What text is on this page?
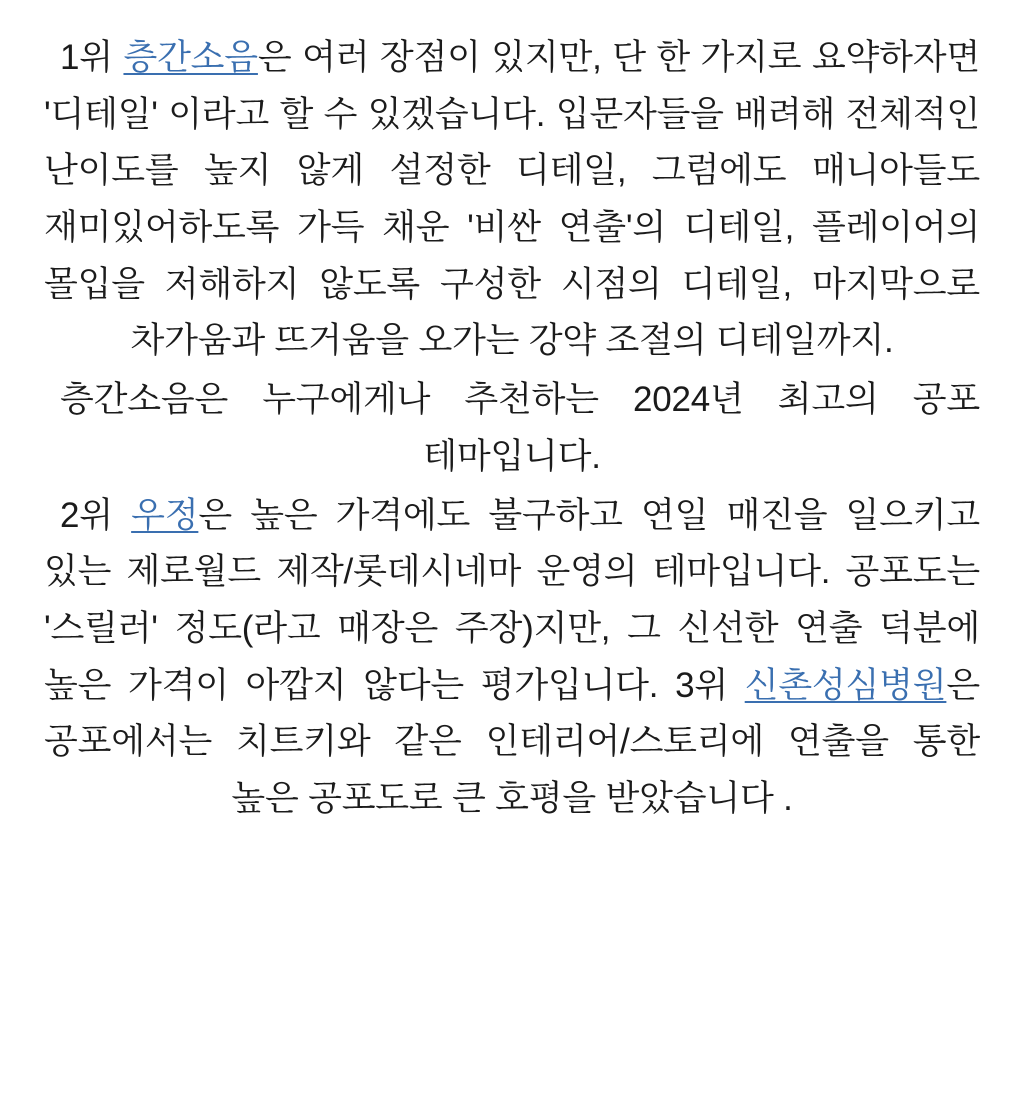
1위 층간소음은 여러 장점이 있지만, 단 한 가지로 요약하자면 '디테일' 이라고 할 수 있겠습니다. 입문자들을 배려해 전체적인 난이도를 높지 않게 설정한 디테일, 그럼에도 매니아들도 재미있어하도록 가득 채운 '비싼 연출'의 디테일, 플레이어의 몰입을 저해하지 않도록 구성한 시점의 디테일, 마지막으로 차가움과 뜨거움을 오가는 강약 조절의 디테일까지.
층간소음은 누구에게나 추천하는 2024년 최고의 공포 테마입니다.
2위 우정은 높은 가격에도 불구하고 연일 매진을 일으키고 있는 제로월드 제작/롯데시네마 운영의 테마입니다. 공포도는 '스릴러' 정도(라고 매장은 주장)지만, 그 신선한 연출 덕분에 높은 가격이 아깝지 않다는 평가입니다. 3위 신촌성심병원은 공포에서는 치트키와 같은 인테리어/스토리에 연출을 통한 높은 공포도로 큰 호평을 받았습니다 .
